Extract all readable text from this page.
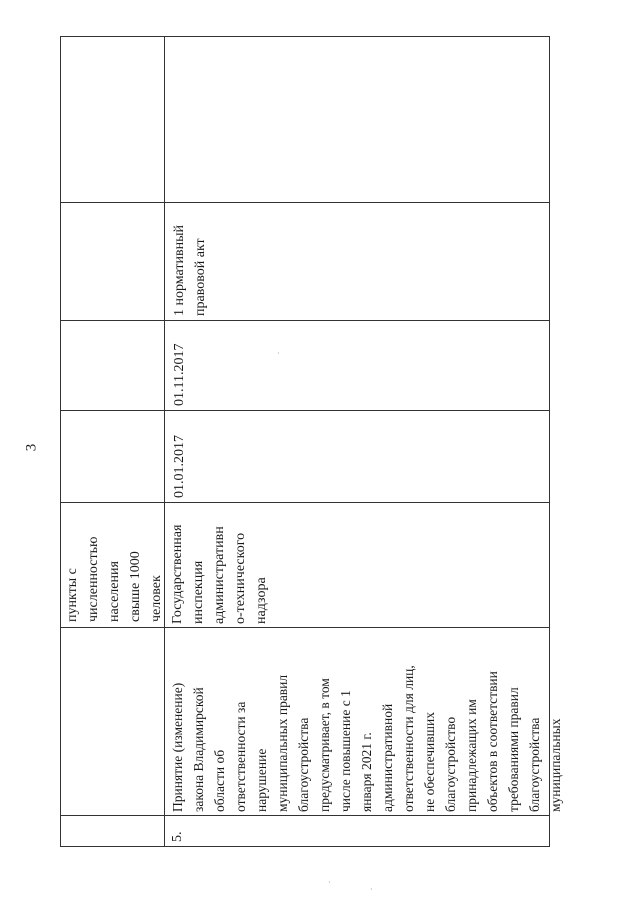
3
пункты с
численностью
населения
свыше 1000
человек
5.
Принятие (изменение)
закона Владимирской
области об
ответственности за
нарушение
муниципальных правил
благоустройства
предусматривает, в том
числе повышение с 1
января 2021 г.
административной
ответственности для лиц,
не обеспечивших
благоустройство
принадлежащих им
объектов в соответствии
требованиями правил
благоустройства
муниципальных
Государственная
инспекция
административн
о-технического
надзора
01.01.2017
01.11.2017
1 нормативный
правовой акт
·
·
·
